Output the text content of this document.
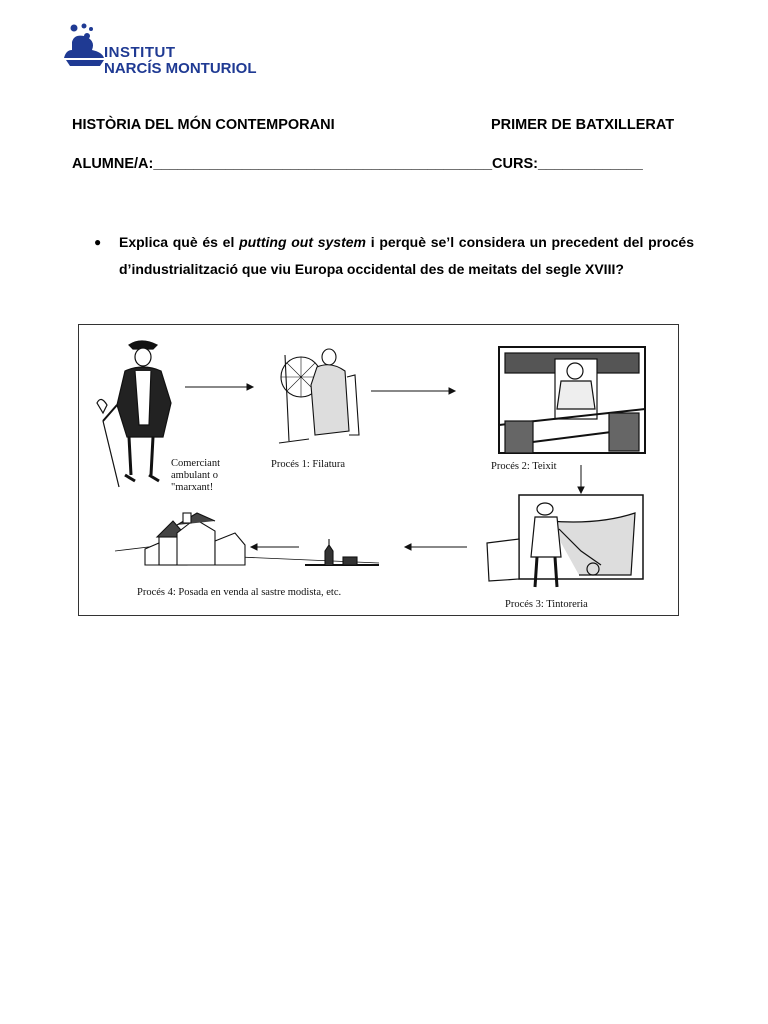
INSTITUT
NARCÍS MONTURIOL
HISTÒRIA DEL MÓN CONTEMPORANI	PRIMER DE BATXILLERAT
ALUMNE/A:__________________________________________CURS:_____________
● Explica què és el putting out system i perquè se’l considera un precedent del procés d’industrialització que viu Europa occidental des de meitats del segle XVIII?
Comerciant
ambulant o
"marxant!
Procés 1: Filatura	Procés 2: Teixit
Procés 3: Tintoreria
Procés 4: Posada en venda al sastre modista, etc.
